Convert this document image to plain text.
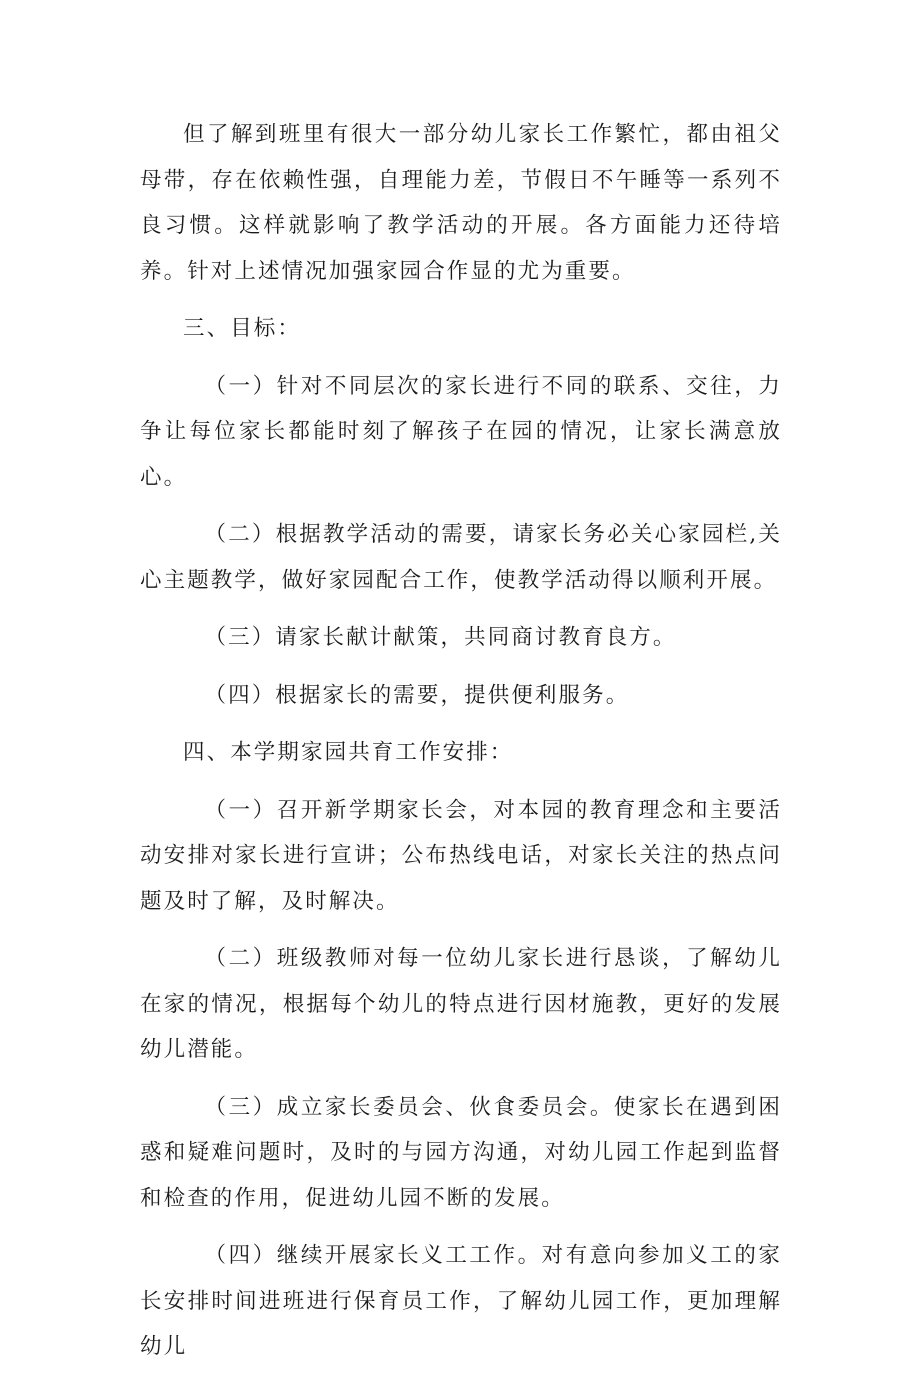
但了解到班里有很大一部分幼儿家长工作繁忙，都由祖父母带，存在依赖性强，自理能力差，节假日不午睡等一系列不良习惯。这样就影响了教学活动的开展。各方面能力还待培养。针对上述情况加强家园合作显的尤为重要。

三、目标：

（一）针对不同层次的家长进行不同的联系、交往，力争让每位家长都能时刻了解孩子在园的情况，让家长满意放心。

（二）根据教学活动的需要，请家长务必关心家园栏,关心主题教学，做好家园配合工作，使教学活动得以顺利开展。

（三）请家长献计献策，共同商讨教育良方。

（四）根据家长的需要，提供便利服务。

四、本学期家园共育工作安排：

（一）召开新学期家长会，对本园的教育理念和主要活动安排对家长进行宣讲；公布热线电话，对家长关注的热点问题及时了解，及时解决。

（二）班级教师对每一位幼儿家长进行恳谈，了解幼儿在家的情况，根据每个幼儿的特点进行因材施教，更好的发展幼儿潜能。

（三）成立家长委员会、伙食委员会。使家长在遇到困惑和疑难问题时，及时的与园方沟通，对幼儿园工作起到监督和检查的作用，促进幼儿园不断的发展。

（四）继续开展家长义工工作。对有意向参加义工的家长安排时间进班进行保育员工作，了解幼儿园工作，更加理解幼儿
